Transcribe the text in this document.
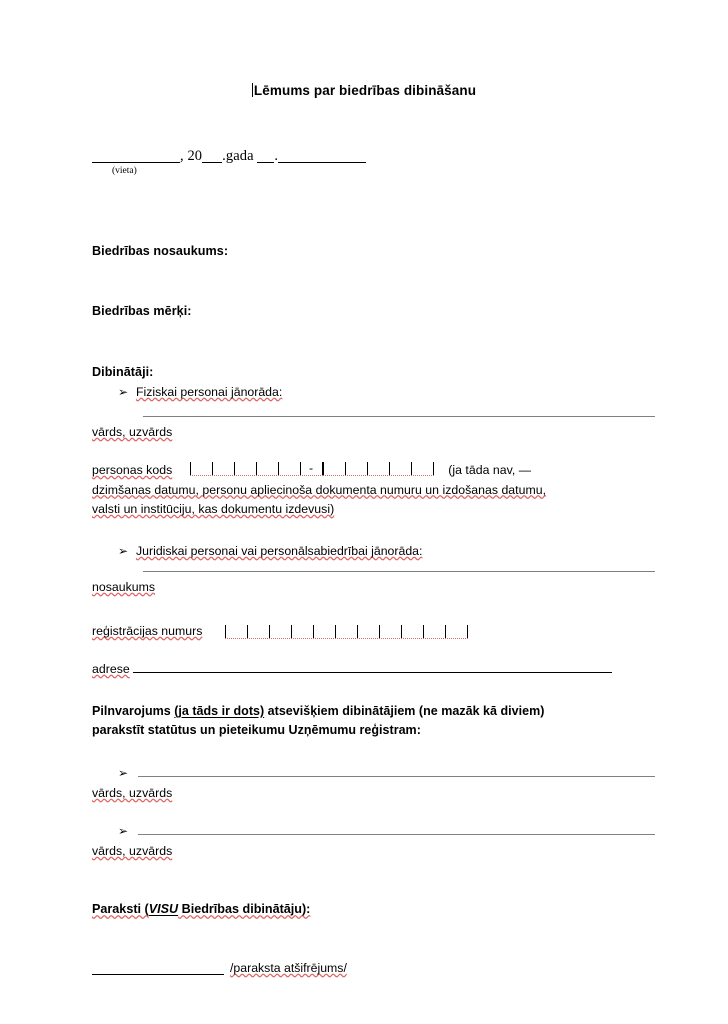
Lēmums par biedrības dibināšanu
, 20 .gada .
(vieta)
Biedrības nosaukums:
Biedrības mērķi:
Dibinātāji:
➢ Fiziskai personai jānorāda:
vārds, uzvārds
personas kods	(ja tāda nav, —
dzimšanas datumu, personu apliecinoša dokumenta numuru un izdošanas datumu,
valsti un institūciju, kas dokumentu izdevusi)
-
➢ Juridiskai personai vai personālsabiedrībai jānorāda:
nosaukums
reģistrācijas numurs
adrese
Pilnvarojums (ja tāds ir dots) atsevišķiem dibinātājiem (ne mazāk kā diviem)
parakstīt statūtus un pieteikumu Uzņēmumu reģistram:
➢
vārds, uzvārds
➢
vārds, uzvārds
Paraksti (VISU Biedrības dibinātāju):
/paraksta atšifrējums/
